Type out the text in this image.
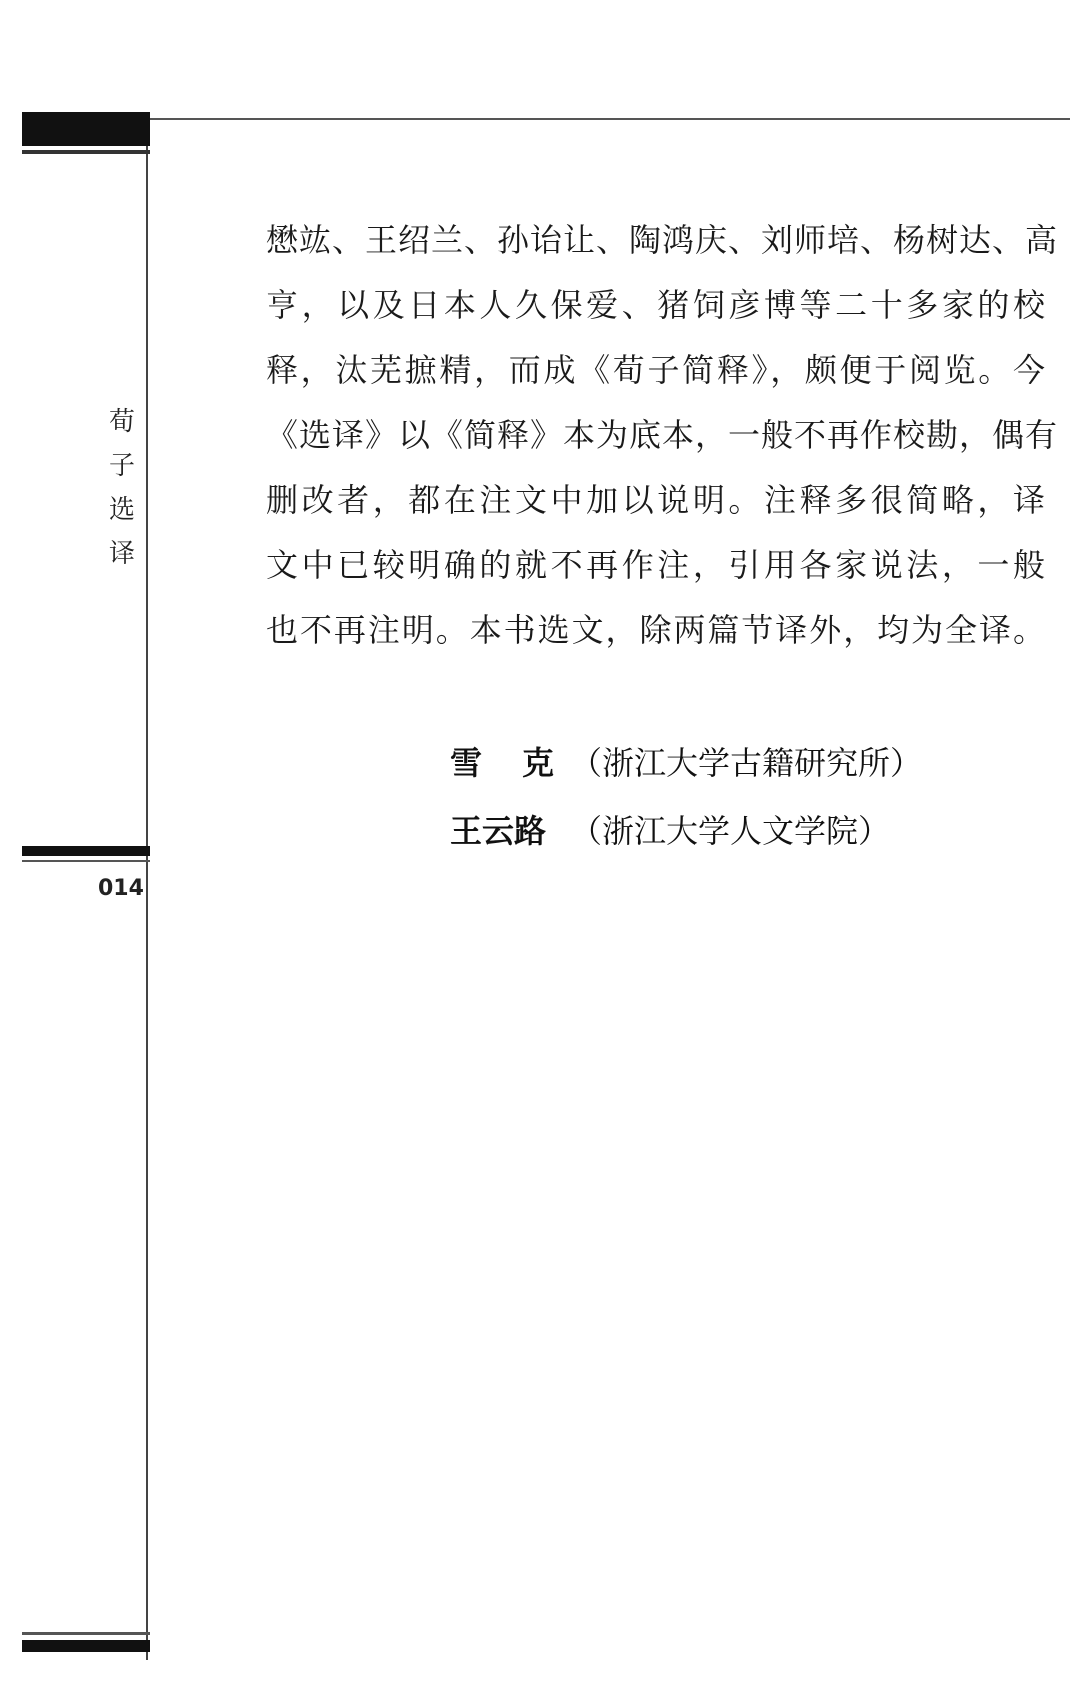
荀
子
选
译
014
懋竑、王绍兰、孙诒让、陶鸿庆、刘师培、杨树达、高
亨，以及日本人久保爱、猪饲彦博等二十多家的校
释，汰芜摭精，而成《荀子简释》，颇便于阅览。今
《选译》以《简释》本为底本，一般不再作校勘，偶有
删改者，都在注文中加以说明。注释多很简略，译
文中已较明确的就不再作注，引用各家说法，一般
也不再注明。本书选文，除两篇节译外，均为全译。
雪克（浙江大学古籍研究所）
王云路 （浙江大学人文学院）
